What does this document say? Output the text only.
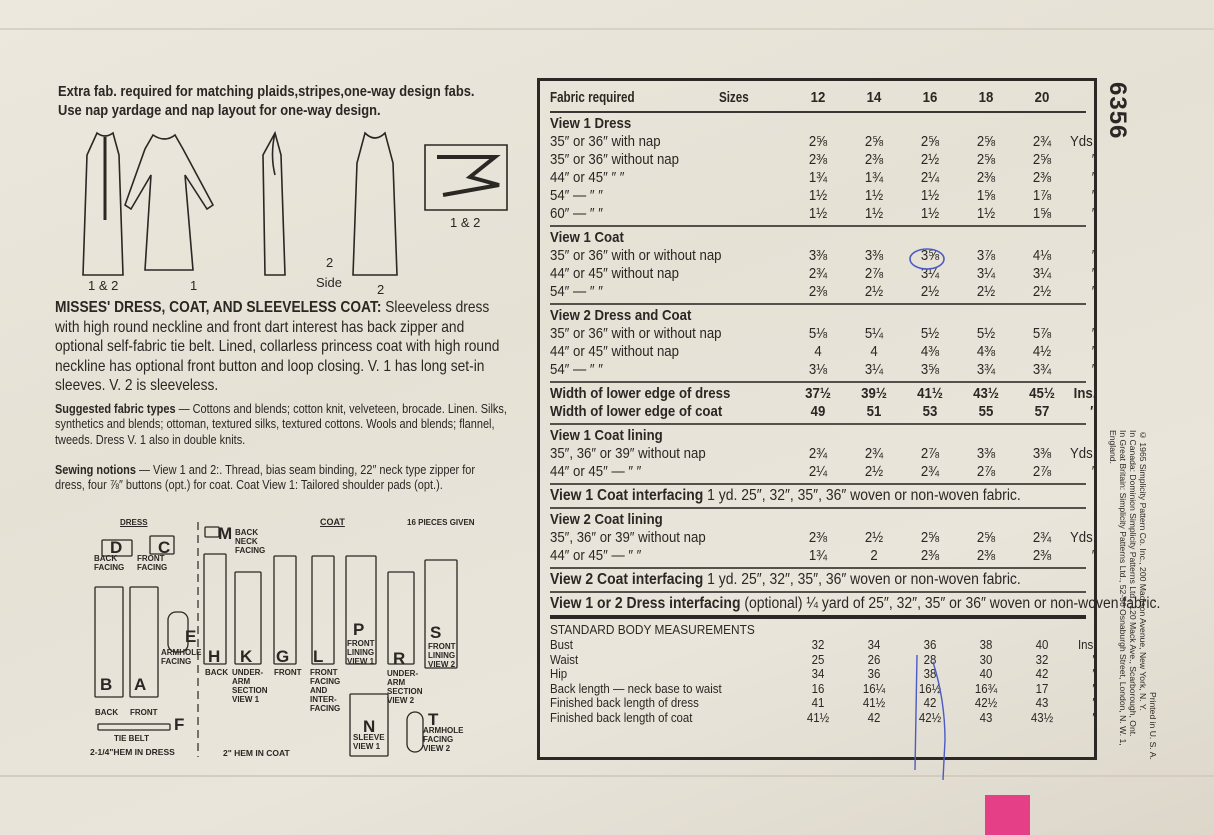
Extra fab. required for matching plaids,stripes,one-way design fabs.
Use nap yardage and nap layout for one-way design.
1 & 2	1
2
Side	2
1 & 2
MISSES' DRESS, COAT, AND SLEEVELESS COAT: Sleeveless dress with high round neckline and front dart interest has back zipper and optional self-fabric tie belt. Lined, collarless princess coat with high round neckline has optional front button and loop closing. V. 1 has long set-in sleeves. V. 2 is sleeveless.
Suggested fabric types — Cottons and blends; cotton knit, velveteen, brocade. Linen. Silks, synthetics and blends; ottoman, textured silks, textured cottons. Wools and blends; flannel, tweeds. Dress V. 1 also in double knits.
Sewing notions — View 1 and 2:. Thread, bias seam binding, 22″ neck type zipper for dress, four ⅞″ buttons (opt.) for coat. Coat View 1: Tailored shoulder pads (opt.).
DRESS	COAT	16 PIECES GIVEN
2-1/4"HEM IN DRESS	2" HEM IN COAT
D
BACK FACING
C
FRONT FACING
B
BACK
A
FRONT
E
ARMHOLE FACING
F
TIE BELT
M BACK NECK FACING
H
BACK
K
UNDER-ARM SECTION VIEW 1
G
FRONT
L
FRONT FACING AND INTER-FACING
P
FRONT LINING VIEW 1	R
UNDER-ARM SECTION VIEW 2
S
FRONT LINING VIEW 2
N
SLEEVE VIEW 1
T
ARMHOLE FACING VIEW 2
Fabric required	Sizes	12	14	16	18	20
View 1 Dress
35″ or 36″ with nap	2⅝	2⅝	2⅝	2⅝	2¾	Yds.
35″ or 36″ without nap	2⅜	2⅜	2½	2⅝	2⅝	″
44″ or 45″ ″ ″	1¾	1¾	2¼	2⅜	2⅜	″
54″ — ″ ″	1½	1½	1½	1⅝	1⅞	″
60″ — ″ ″	1½	1½	1½	1½	1⅝	″
View 1 Coat
35″ or 36″ with or without nap	3⅜	3⅜	3⅝	3⅞	4⅛	″
44″ or 45″ without nap	2¾	2⅞	3¼	3¼	3¼	″
54″ — ″ ″	2⅜	2½	2½	2½	2½	″
View 2 Dress and Coat
35″ or 36″ with or without nap	5⅛	5¼	5½	5½	5⅞	″
44″ or 45″ without nap	4	4	4⅜	4⅜	4½	″
54″ — ″ ″	3⅛	3¼	3⅝	3¾	3¾	″
Width of lower edge of dress	37½	39½	41½	43½	45½	Ins.
Width of lower edge of coat	49	51	53	55	57	″
View 1 Coat lining
35″, 36″ or 39″ without nap	2¾	2¾	2⅞	3⅜	3⅜	Yds.
44″ or 45″ — ″ ″	2¼	2½	2¾	2⅞	2⅞	″
View 1 Coat interfacing 1 yd. 25″, 32″, 35″, 36″ woven or non-woven fabric.
View 2 Coat lining
35″, 36″ or 39″ without nap	2⅜	2½	2⅝	2⅝	2¾	Yds.
44″ or 45″ — ″ ″	1¾	2	2⅜	2⅜	2⅜	″
View 2 Coat interfacing 1 yd. 25″, 32″, 35″, 36″ woven or non-woven fabric.
View 1 or 2 Dress interfacing (optional) ¼ yard of 25″, 32″, 35″ or 36″ woven or non-woven fabric.
STANDARD BODY MEASUREMENTS
Bust	32	34	36	38	40	Ins.
Waist	25	26	28	30	32	″
Hip	34	36	38	40	42	″
Back length — neck base to waist	16	16¼	16½	16¾	17	″
Finished back length of dress	41	41½	42	42½	43	″
Finished back length of coat	41½	42	42½	43	43½	″
6356
Printed in U. S. A.
© 1965 Simplicity Pattern Co. Inc., 200 Madison Avenue, New York, N. Y.
In Canada: Dominion Simplicity Patterns Ltd., 120 Mack Ave., Scarborough, Ont.
In Great Britain: Simplicity Patterns Ltd., 52-56 Osnaburgh Street, London, N. W. 1, England.
